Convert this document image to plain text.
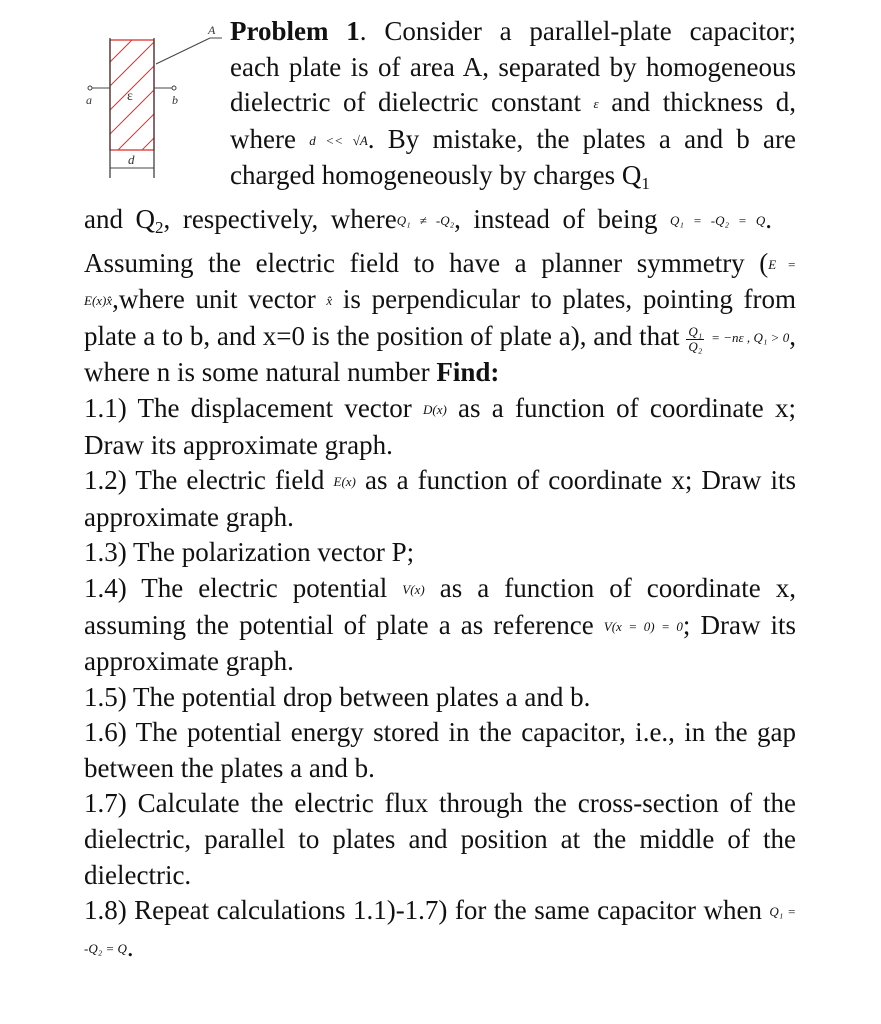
A
ε
a	b
d

Problem 1. Consider a parallel-plate capacitor; each plate is of area A, separated by homogeneous dielectric of dielectric constant ε and thickness d, where d << √A. By mistake, the plates a and b are charged homogeneously by charges $Q_1$
and $Q_2$, respectively, whereQ₁ ≠ -Q₂, instead of being Q₁ = -Q₂ = Q. Assuming the electric field to have a planner symmetry (E = E(x)x̂,where unit vector x̂ is perpendicular to plates, pointing from plate a to b, and x=0 is the position of plate a), and that $\frac{\text{Q₁}}{\text{Q₂}} = -n\varepsilon$ , Q₁ > 0, where n is some natural number Find:

1.1) The displacement vector D(x) as a function of coordinate x; Draw its approximate graph.
1.2) The electric field E(x) as a function of coordinate x; Draw its approximate graph.
1.3) The polarization vector P;
1.4) The electric potential V(x) as a function of coordinate x, assuming the potential of plate a as reference V(x = 0) = 0; Draw its approximate graph.
1.5) The potential drop between plates a and b.
1.6) The potential energy stored in the capacitor, i.e., in the gap between the plates a and b.
1.7) Calculate the electric flux through the cross-section of the dielectric, parallel to plates and position at the middle of the dielectric.
1.8) Repeat calculations 1.1)-1.7) for the same capacitor when Q₁ = -Q₂ = Q.
